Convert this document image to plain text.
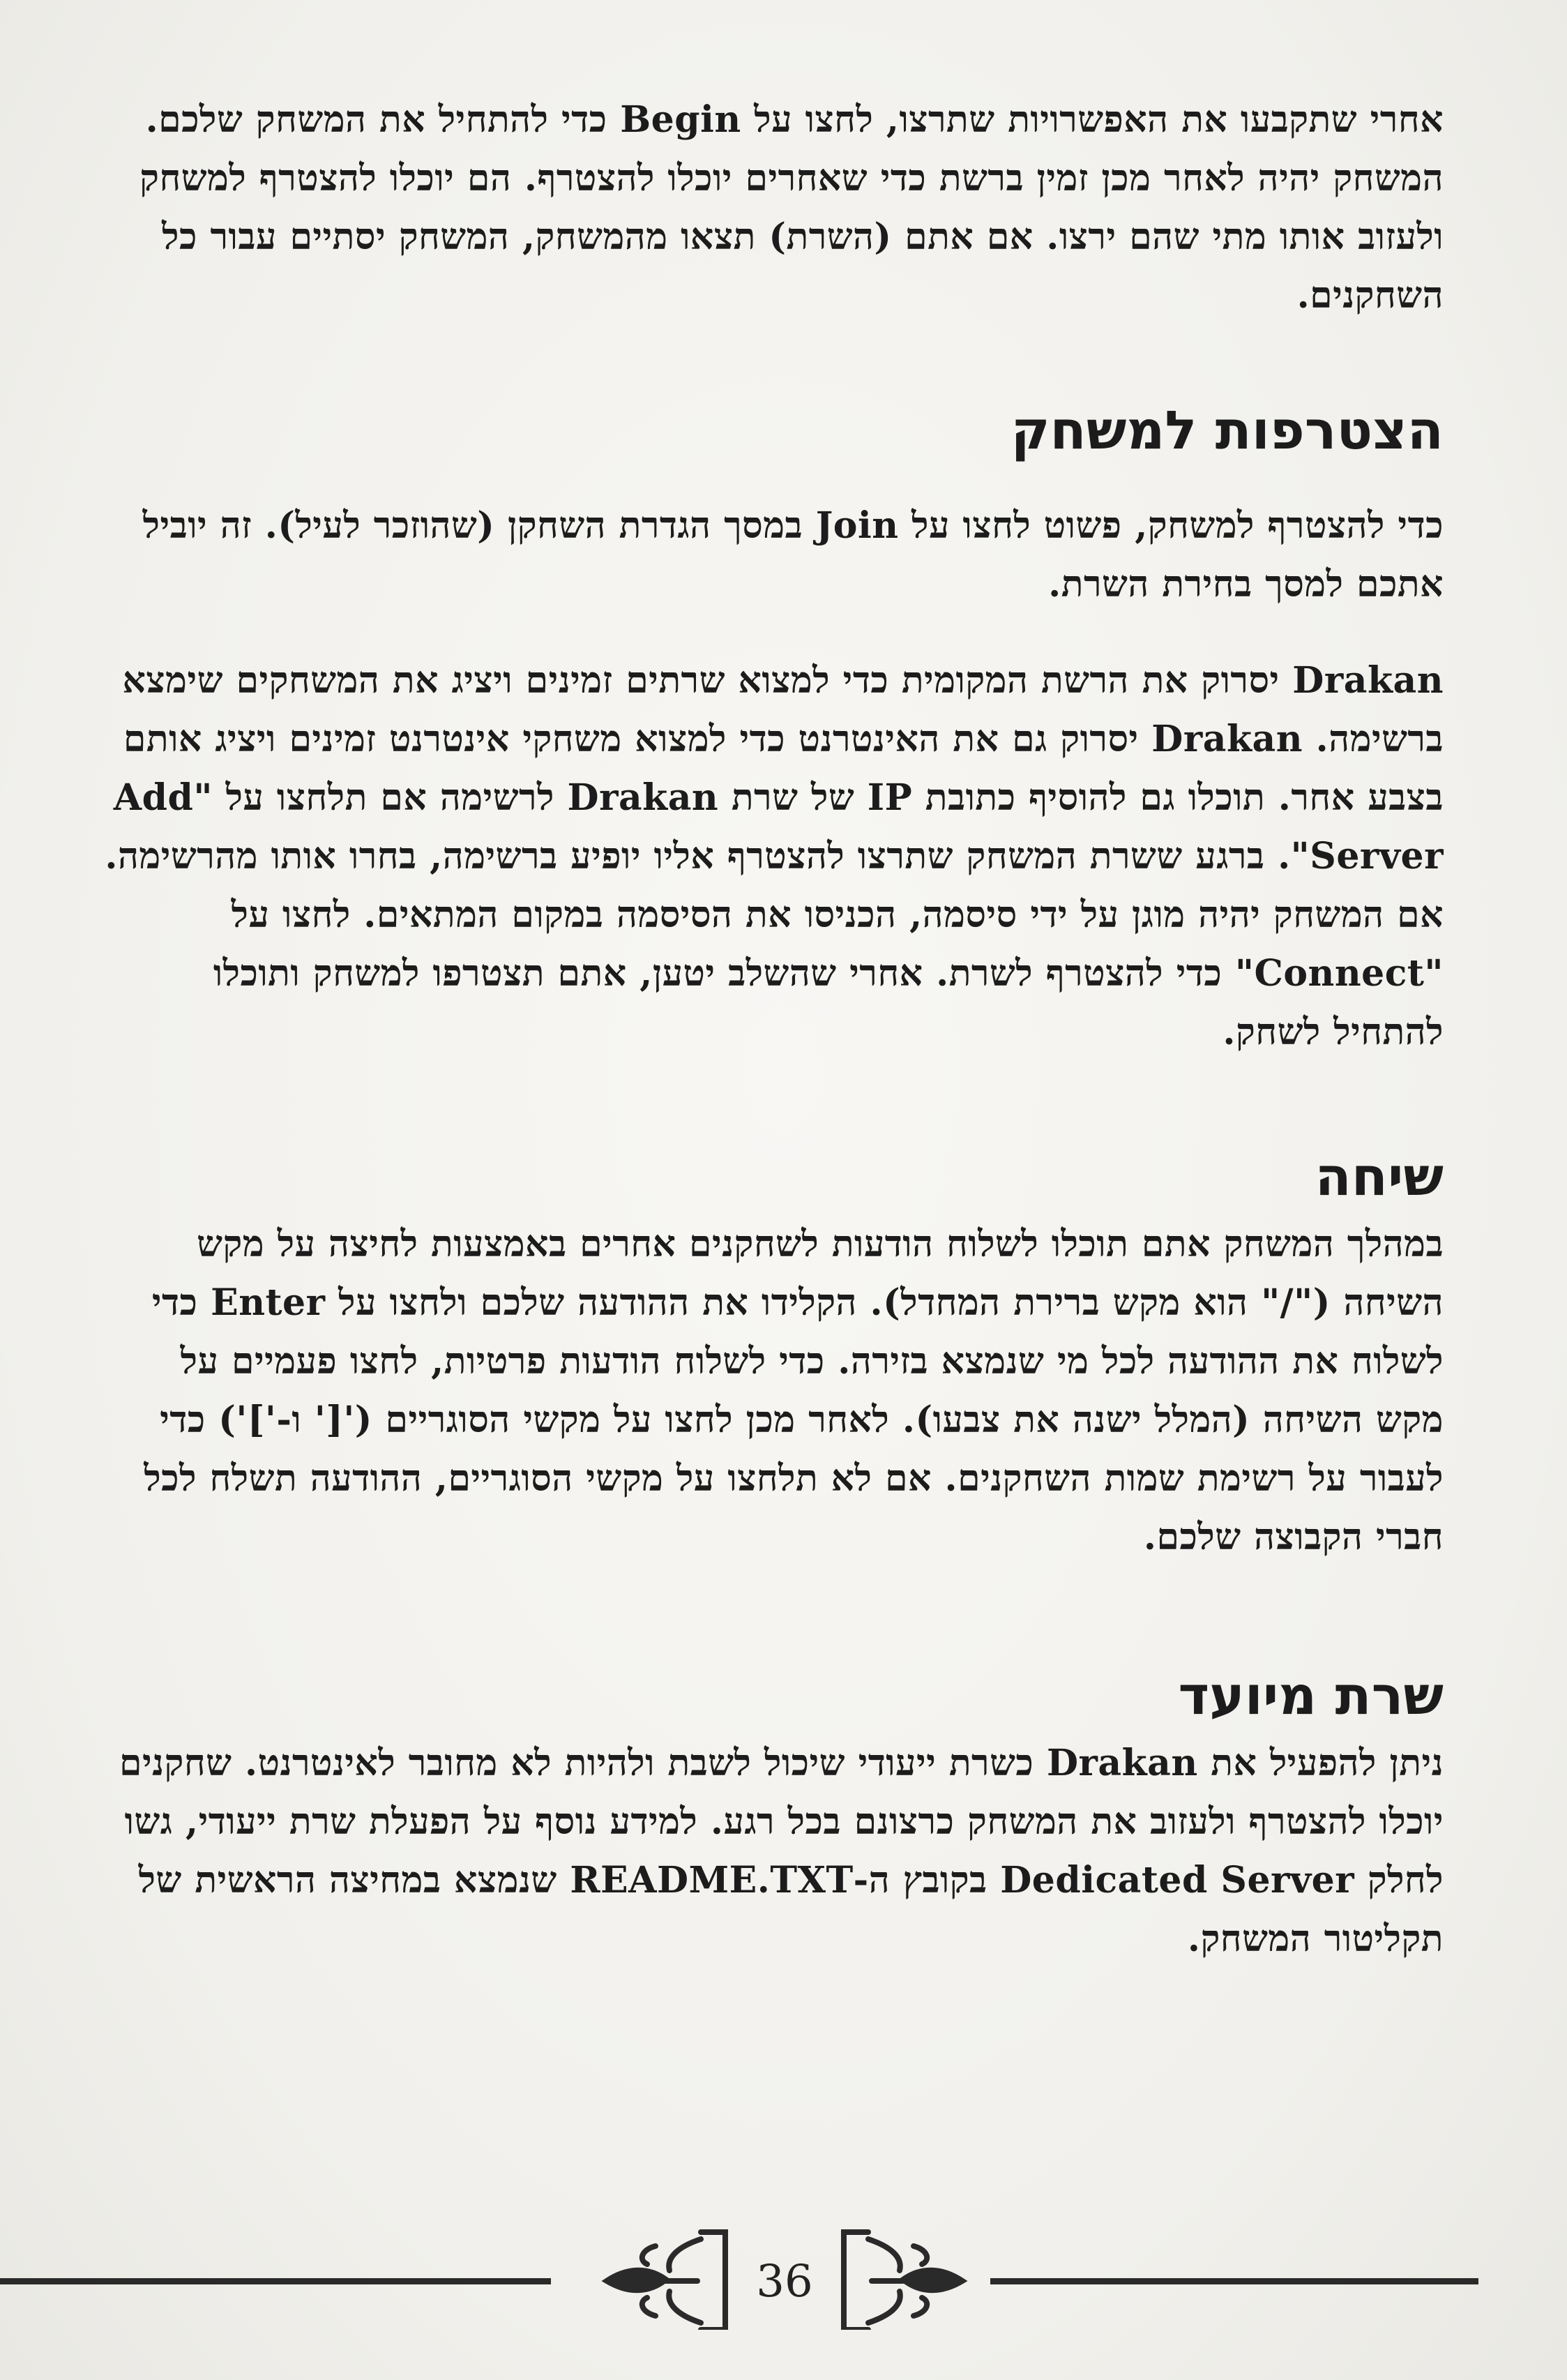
אחרי שתקבעו את האפשרויות שתרצו, לחצו על Begin כדי להתחיל את המשחק שלכם. המשחק יהיה לאחר מכן זמין ברשת כדי שאחרים יוכלו להצטרף. הם יוכלו להצטרף למשחק ולעזוב אותו מתי שהם ירצו. אם אתם (השרת) תצאו מהמשחק, המשחק יסתיים עבור כל השחקנים.

הצטרפות למשחק

כדי להצטרף למשחק, פשוט לחצו על Join במסך הגדרת השחקן (שהוזכר לעיל). זה יוביל אתכם למסך בחירת השרת.

Drakan יסרוק את הרשת המקומית כדי למצוא שרתים זמינים ויציג את המשחקים שימצא ברשימה. Drakan יסרוק גם את האינטרנט כדי למצוא משחקי אינטרנט זמינים ויציג אותם בצבע אחר. תוכלו גם להוסיף כתובת IP של שרת Drakan לרשימה אם תלחצו על "Add Server". ברגע ששרת המשחק שתרצו להצטרף אליו יופיע ברשימה, בחרו אותו מהרשימה. אם המשחק יהיה מוגן על ידי סיסמה, הכניסו את הסיסמה במקום המתאים. לחצו על "Connect" כדי להצטרף לשרת. אחרי שהשלב יטען, אתם תצטרפו למשחק ותוכלו להתחיל לשחק.

שיחה

במהלך המשחק אתם תוכלו לשלוח הודעות לשחקנים אחרים באמצעות לחיצה על מקש השיחה ("/" הוא מקש ברירת המחדל). הקלידו את ההודעה שלכם ולחצו על Enter כדי לשלוח את ההודעה לכל מי שנמצא בזירה. כדי לשלוח הודעות פרטיות, לחצו פעמיים על מקש השיחה (המלל ישנה את צבעו). לאחר מכן לחצו על מקשי הסוגריים ('[' ו-']') כדי לעבור על רשימת שמות השחקנים. אם לא תלחצו על מקשי הסוגריים, ההודעה תשלח לכל חברי הקבוצה שלכם.

שרת מיועד

ניתן להפעיל את Drakan כשרת ייעודי שיכול לשבת ולהיות לא מחובר לאינטרנט. שחקנים יוכלו להצטרף ולעזוב את המשחק כרצונם בכל רגע. למידע נוסף על הפעלת שרת ייעודי, גשו לחלק Dedicated Server בקובץ ה-README.TXT שנמצא במחיצה הראשית של תקליטור המשחק.

36
